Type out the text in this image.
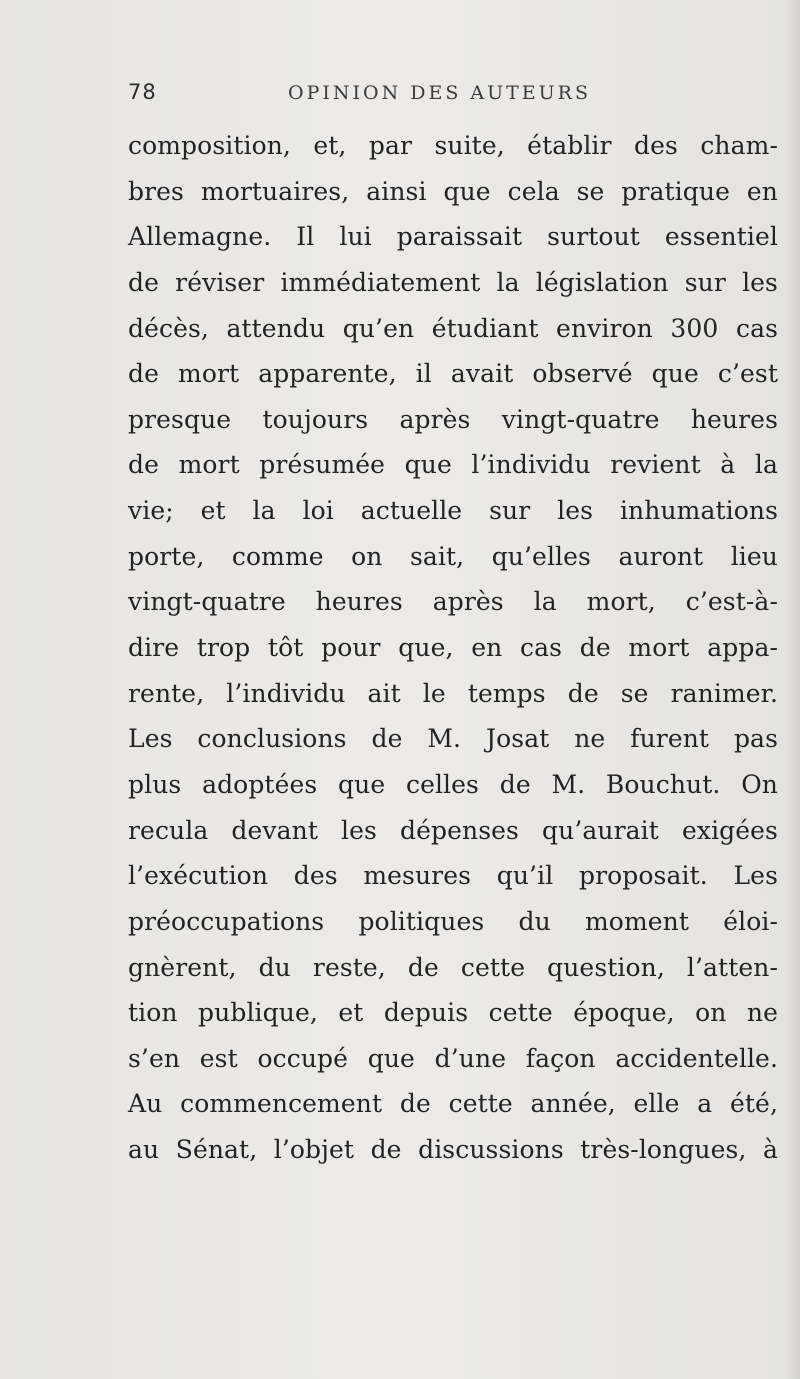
78	OPINION DES AUTEURS
composition, et, par suite, établir des cham-
bres mortuaires, ainsi que cela se pratique en
Allemagne. Il lui paraissait surtout essentiel
de réviser immédiatement la législation sur les
décès, attendu qu’en étudiant environ 300 cas
de mort apparente, il avait observé que c’est
presque toujours après vingt-quatre heures
de mort présumée que l’individu revient à la
vie; et la loi actuelle sur les inhumations
porte, comme on sait, qu’elles auront lieu
vingt-quatre heures après la mort, c’est-à-
dire trop tôt pour que, en cas de mort appa-
rente, l’individu ait le temps de se ranimer.
Les conclusions de M. Josat ne furent pas
plus adoptées que celles de M. Bouchut. On
recula devant les dépenses qu’aurait exigées
l’exécution des mesures qu’il proposait. Les
préoccupations politiques du moment éloi-
gnèrent, du reste, de cette question, l’atten-
tion publique, et depuis cette époque, on ne
s’en est occupé que d’une façon accidentelle.
Au commencement de cette année, elle a été,
au Sénat, l’objet de discussions très-longues, à
